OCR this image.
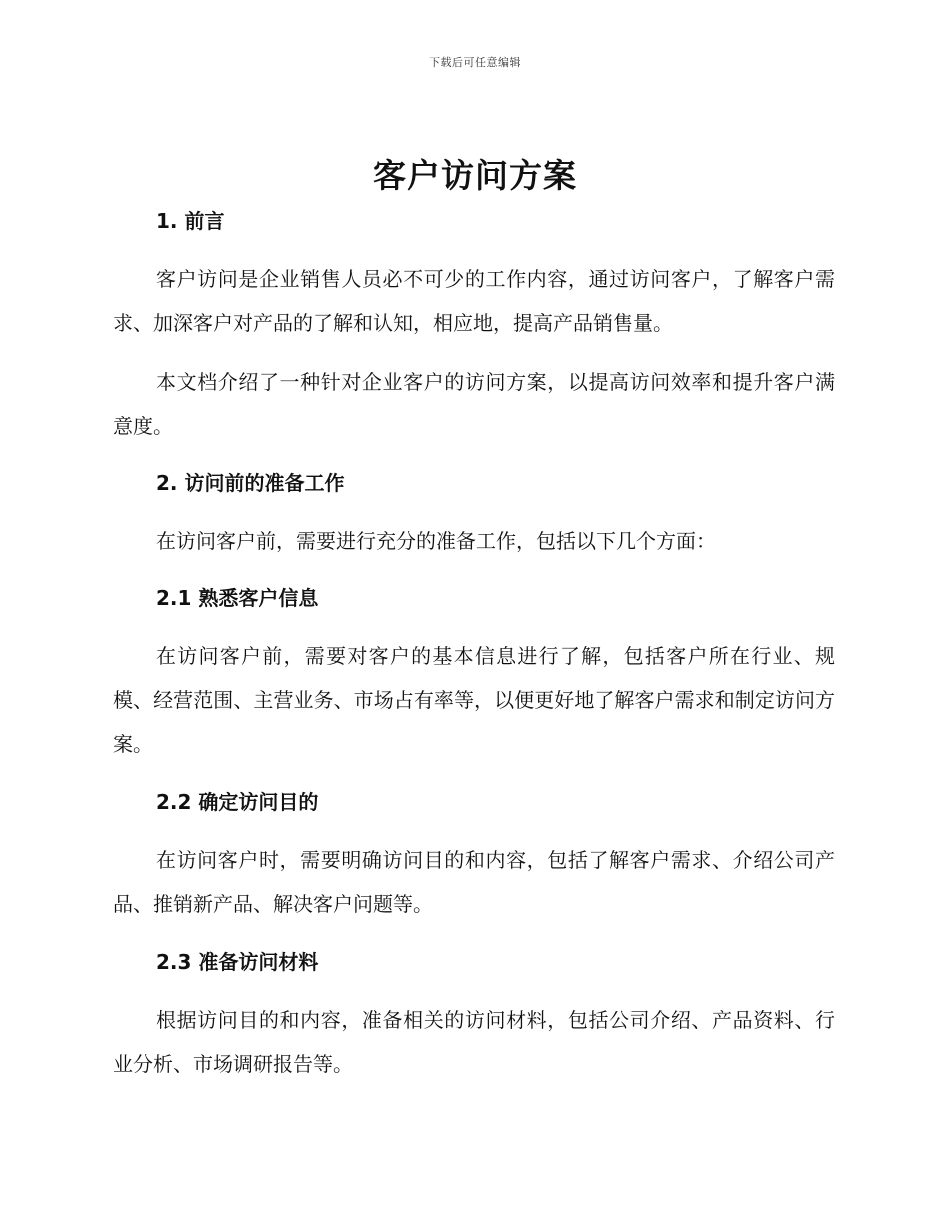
下载后可任意编辑
客户访问方案
1. 前言

客户访问是企业销售人员必不可少的工作内容，通过访问客户，了解客户需求、加深客户对产品的了解和认知，相应地，提高产品销售量。

本文档介绍了一种针对企业客户的访问方案，以提高访问效率和提升客户满意度。

2. 访问前的准备工作

在访问客户前，需要进行充分的准备工作，包括以下几个方面：

2.1 熟悉客户信息

在访问客户前，需要对客户的基本信息进行了解，包括客户所在行业、规模、经营范围、主营业务、市场占有率等，以便更好地了解客户需求和制定访问方案。

2.2 确定访问目的

在访问客户时，需要明确访问目的和内容，包括了解客户需求、介绍公司产品、推销新产品、解决客户问题等。

2.3 准备访问材料

根据访问目的和内容，准备相关的访问材料，包括公司介绍、产品资料、行业分析、市场调研报告等。
